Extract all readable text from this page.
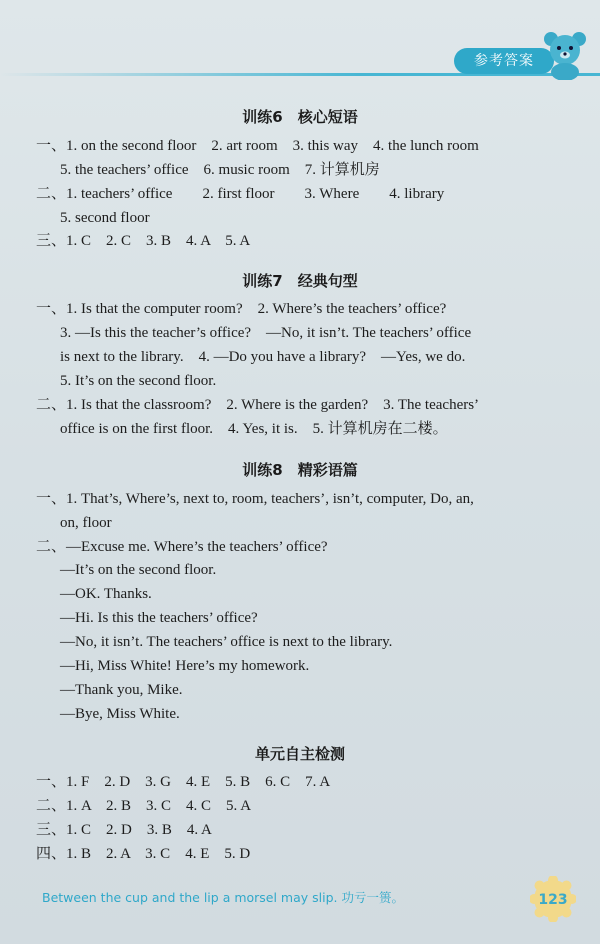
参考答案
训练6　核心短语
一、1. on the second floor　2. art room　3. this way　4. the lunch room
5. the teachers’ office　6. music room　7. 计算机房
二、1. teachers’ office　　2. first floor　　3. Where　　4. library
5. second floor
三、1. C　2. C　3. B　4. A　5. A
训练7　经典句型
一、1. Is that the computer room?　2. Where’s the teachers’ office?
3. —Is this the teacher’s office?　—No, it isn’t. The teachers’ office
is next to the library.　4. —Do you have a library?　—Yes, we do.
5. It’s on the second floor.
二、1. Is that the classroom?　2. Where is the garden?　3. The teachers’
office is on the first floor.　4. Yes, it is.　5. 计算机房在二楼。
训练8　精彩语篇
一、1. That’s, Where’s, next to, room, teachers’, isn’t, computer, Do, an,
on, floor
二、—Excuse me. Where’s the teachers’ office?
—It’s on the second floor.
—OK. Thanks.
—Hi. Is this the teachers’ office?
—No, it isn’t. The teachers’ office is next to the library.
—Hi, Miss White! Here’s my homework.
—Thank you, Mike.
—Bye, Miss White.
单元自主检测
一、1. F　2. D　3. G　4. E　5. B　6. C　7. A
二、1. A　2. B　3. C　4. C　5. A
三、1. C　2. D　3. B　4. A
四、1. B　2. A　3. C　4. E　5. D
Between the cup and the lip a morsel may slip. 功亏一篑。	123
